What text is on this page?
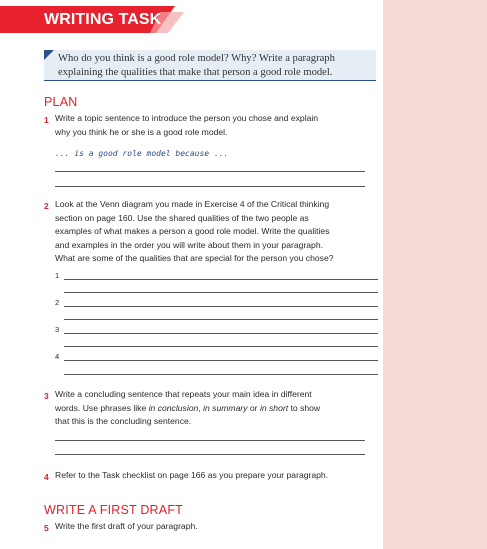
WRITING TASK
Who do you think is a good role model? Why? Write a paragraph
explaining the qualities that make that person a good role model.
PLAN
1 Write a topic sentence to introduce the person you chose and explain
why you think he or she is a good role model.
... is a good role model because ...
2 Look at the Venn diagram you made in Exercise 4 of the Critical thinking
section on page 160. Use the shared qualities of the two people as
examples of what makes a person a good role model. Write the qualities
and examples in the order you will write about them in your paragraph.
What are some of the qualities that are special for the person you chose?
1
2
3
4
3 Write a concluding sentence that repeats your main idea in different
words. Use phrases like in conclusion, in summary or in short to show
that this is the concluding sentence.
4 Refer to the Task checklist on page 166 as you prepare your paragraph.
WRITE A FIRST DRAFT
5 Write the first draft of your paragraph.
